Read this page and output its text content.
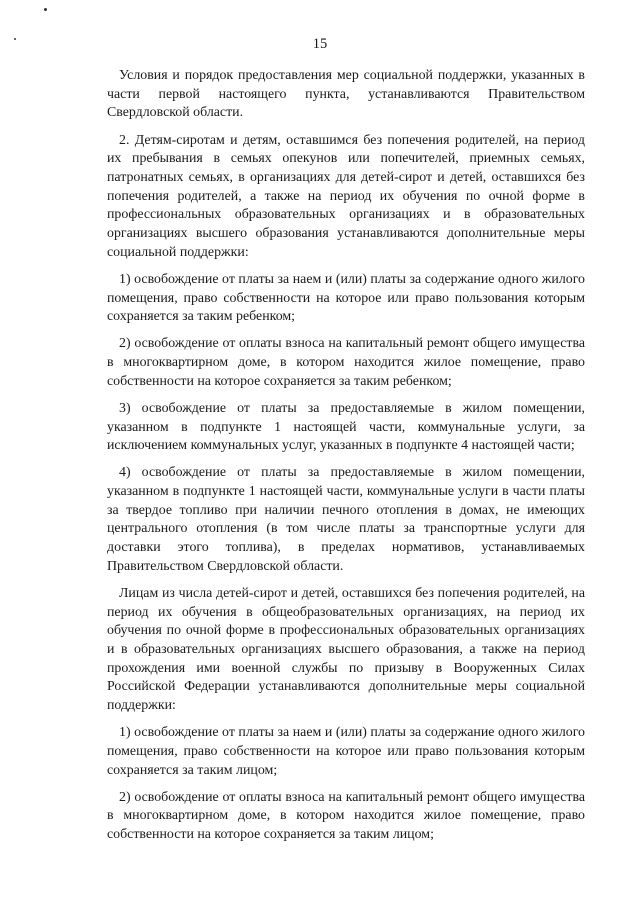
15

Условия и порядок предоставления мер социальной поддержки, указанных в части первой настоящего пункта, устанавливаются Правительством Свердловской области.

2. Детям-сиротам и детям, оставшимся без попечения родителей, на период их пребывания в семьях опекунов или попечителей, приемных семьях, патронатных семьях, в организациях для детей-сирот и детей, оставшихся без попечения родителей, а также на период их обучения по очной форме в профессиональных образовательных организациях и в образовательных организациях высшего образования устанавливаются дополнительные меры социальной поддержки:

1) освобождение от платы за наем и (или) платы за содержание одного жилого помещения, право собственности на которое или право пользования которым сохраняется за таким ребенком;

2) освобождение от оплаты взноса на капитальный ремонт общего имущества в многоквартирном доме, в котором находится жилое помещение, право собственности на которое сохраняется за таким ребенком;

3) освобождение от платы за предоставляемые в жилом помещении, указанном в подпункте 1 настоящей части, коммунальные услуги, за исключением коммунальных услуг, указанных в подпункте 4 настоящей части;

4) освобождение от платы за предоставляемые в жилом помещении, указанном в подпункте 1 настоящей части, коммунальные услуги в части платы за твердое топливо при наличии печного отопления в домах, не имеющих центрального отопления (в том числе платы за транспортные услуги для доставки этого топлива), в пределах нормативов, устанавливаемых Правительством Свердловской области.

Лицам из числа детей-сирот и детей, оставшихся без попечения родителей, на период их обучения в общеобразовательных организациях, на период их обучения по очной форме в профессиональных образовательных организациях и в образовательных организациях высшего образования, а также на период прохождения ими военной службы по призыву в Вооруженных Силах Российской Федерации устанавливаются дополнительные меры социальной поддержки:

1) освобождение от платы за наем и (или) платы за содержание одного жилого помещения, право собственности на которое или право пользования которым сохраняется за таким лицом;

2) освобождение от оплаты взноса на капитальный ремонт общего имущества в многоквартирном доме, в котором находится жилое помещение, право собственности на которое сохраняется за таким лицом;
